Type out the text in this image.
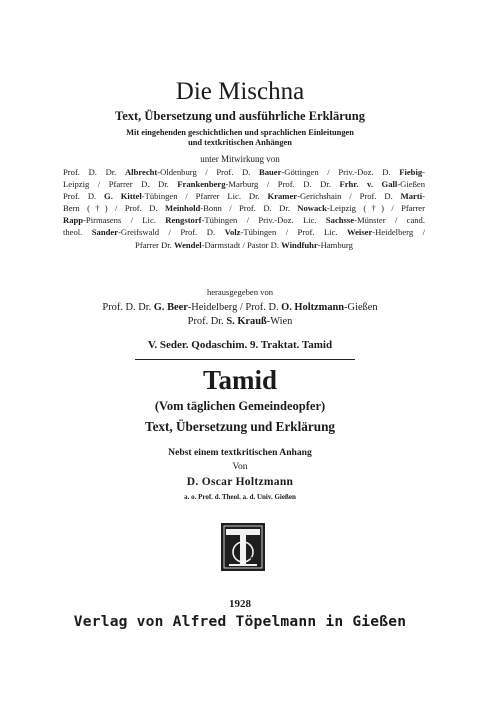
Die Mischna
Text, Übersetzung und ausführliche Erklärung
Mit eingehenden geschichtlichen und sprachlichen Einleitungen
und textkritischen Anhängen
unter Mitwirkung von
Prof. D. Dr. Albrecht-Oldenburg / Prof. D. Bauer-Göttingen / Priv.-Doz. D. Fiebig-
Leipzig / Pfarrer D. Dr. Frankenberg-Marburg / Prof. D. Dr. Frhr. v. Gall-Gießen
Prof. D. G. Kittel-Tübingen / Pfarrer Lic. Dr. Kramer-Gerichshain / Prof. D. Marti-
Bern (†) / Prof. D. Meinhold-Bonn / Prof. D. Dr. Nowack-Leipzig (†) / Pfarrer
Rapp-Pirmasens / Lic. Rengstorf-Tübingen / Priv.-Doz. Lic. Sachsse-Münster / cand.
theol. Sander-Greifswald / Prof. D. Volz-Tübingen / Prof. Lic. Weiser-Heidelberg /
Pfarrer Dr. Wendel-Darmstadt / Pastor D. Windfuhr-Hamburg
herausgegeben von
Prof. D. Dr. G. Beer-Heidelberg / Prof. D. O. Holtzmann-Gießen
Prof. Dr. S. Krauß-Wien
V. Seder. Qodaschim. 9. Traktat. Tamid
Tamid
(Vom täglichen Gemeindeopfer)
Text, Übersetzung und Erklärung
Nebst einem textkritischen Anhang
Von
D. Oscar Holtzmann
a. o. Prof. d. Theol. a. d. Univ. Gießen
A
G
1928
Verlag von Alfred Töpelmann in Gießen
